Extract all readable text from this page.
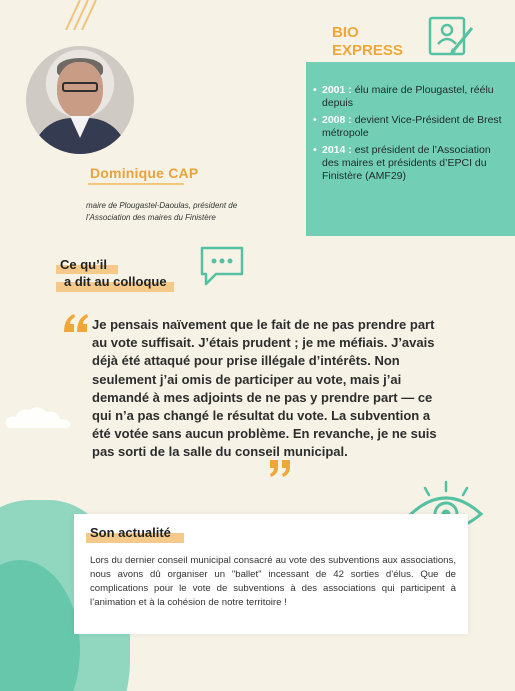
Dominique CAP
maire de Plougastel-Daoulas, président de l’Association des maires du Finistère
BIO
EXPRESS
• 2001 : élu maire de Plougastel, réélu depuis
• 2008 : devient Vice-Président de Brest métropole
• 2014 : est président de l’Association des maires et présidents d’EPCI du Finistère (AMF29)
Ce qu’il
a dit au colloque
Je pensais naïvement que le fait de ne pas prendre part au vote suffisait. J’étais prudent ; je me méfiais. J’avais déjà été attaqué pour prise illégale d’intérêts. Non seulement j’ai omis de participer au vote, mais j’ai demandé à mes adjoints de ne pas y prendre part — ce qui n’a pas changé le résultat du vote. La subvention a été votée sans aucun problème. En revanche, je ne suis pas sorti de la salle du conseil municipal.
Son actualité
Lors du dernier conseil municipal consacré au vote des subventions aux associations, nous avons dû organiser un "ballet" incessant de 42 sorties d’élus. Que de complications pour le vote de subventions à des associations qui participent à l’animation et à la cohésion de notre territoire !
